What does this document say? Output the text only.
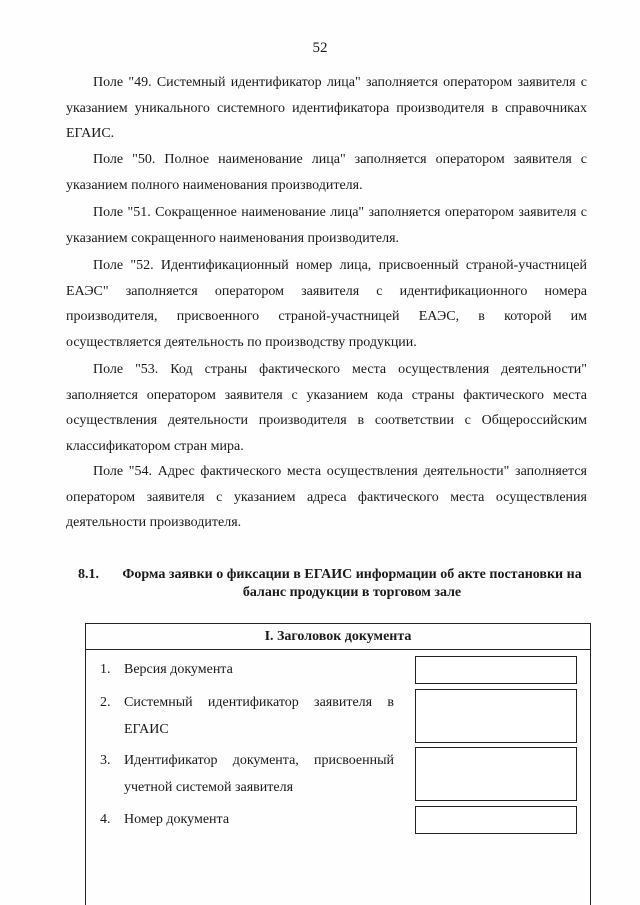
52

Поле "49. Системный идентификатор лица" заполняется оператором заявителя с указанием уникального системного идентификатора производителя в справочниках ЕГАИС.

Поле "50. Полное наименование лица" заполняется оператором заявителя с указанием полного наименования производителя.

Поле "51. Сокращенное наименование лица" заполняется оператором заявителя с указанием сокращенного наименования производителя.

Поле "52. Идентификационный номер лица, присвоенный страной-участницей ЕАЭС" заполняется оператором заявителя с идентификационного номера производителя, присвоенного страной-участницей ЕАЭС, в которой им осуществляется деятельность по производству продукции.

Поле "53. Код страны фактического места осуществления деятельности" заполняется оператором заявителя с указанием кода страны фактического места осуществления деятельности производителя в соответствии с Общероссийским классификатором стран мира.

Поле "54. Адрес фактического места осуществления деятельности" заполняется оператором заявителя с указанием адреса фактического места осуществления деятельности производителя.

8.1.	Форма заявки о фиксации в ЕГАИС информации об акте постановки на баланс продукции в торговом зале

I. Заголовок документа
1. Версия документа

2. Системный идентификатор заявителя в ЕГАИС

3. Идентификатор документа, присвоенный учетной системой заявителя

4. Номер документа
